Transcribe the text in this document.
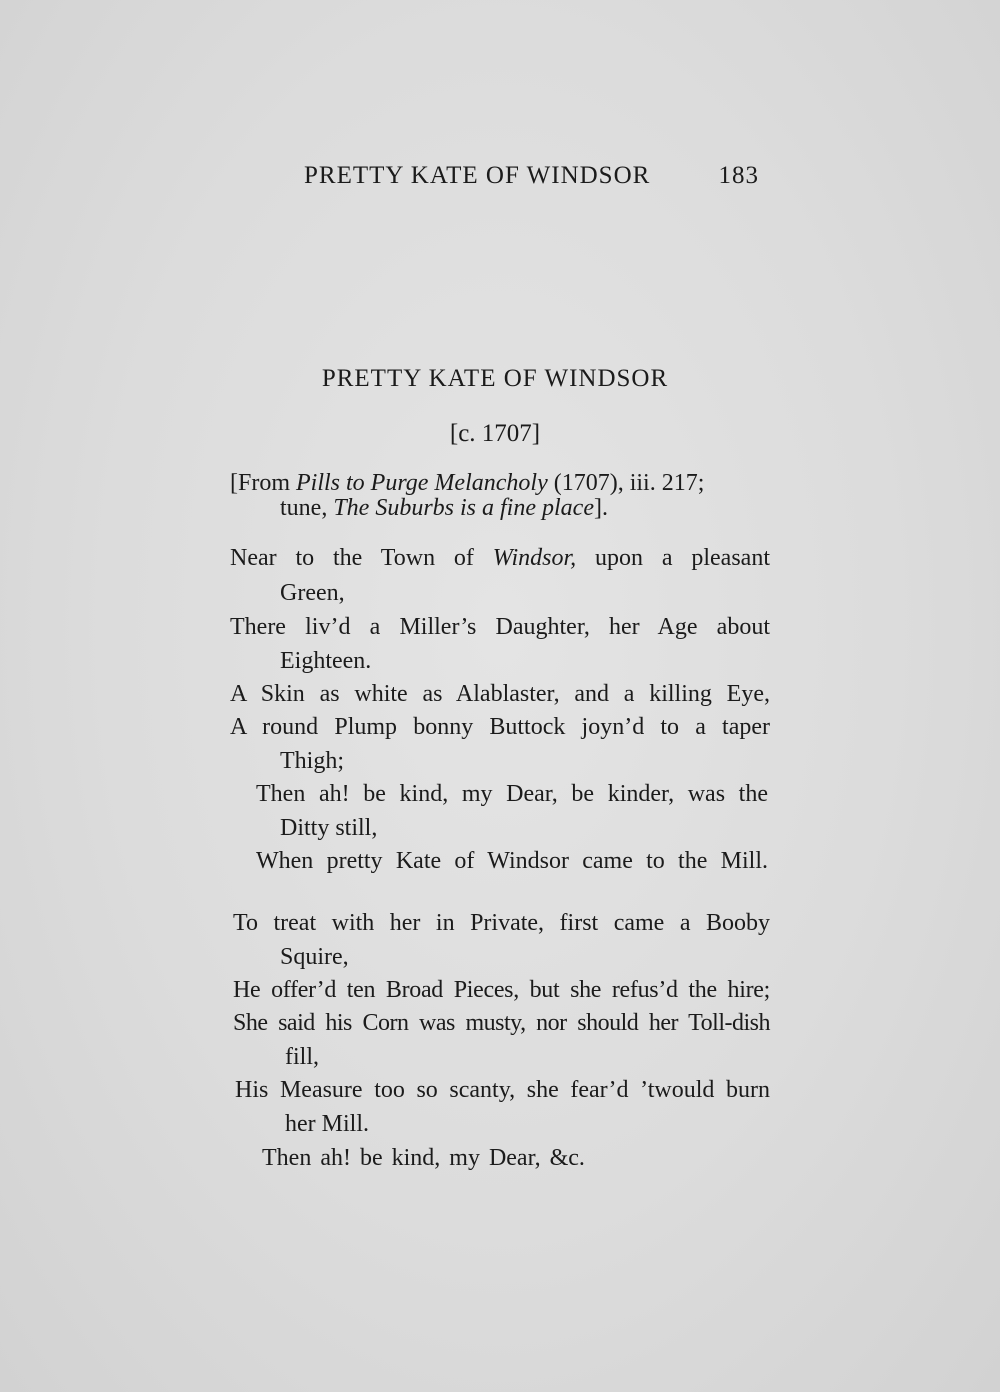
PRETTY KATE OF WINDSOR	183
PRETTY KATE OF WINDSOR
[c. 1707]
[From Pills to Purge Melancholy (1707), iii. 217;
tune, The Suburbs is a fine place].
Near to the Town of Windsor, upon a pleasant
Green,
There liv’d a Miller’s Daughter, her Age about
Eighteen.
A Skin as white as Alablaster, and a killing Eye,
A round Plump bonny Buttock joyn’d to a taper
Thigh;
Then ah! be kind, my Dear, be kinder, was the
Ditty still,
When pretty Kate of Windsor came to the Mill.
To treat with her in Private, first came a Booby
Squire,
He offer’d ten Broad Pieces, but she refus’d the hire;
She said his Corn was musty, nor should her Toll-dish
fill,
His Measure too so scanty, she fear’d ’twould burn
her Mill.
Then ah! be kind, my Dear, &c.
